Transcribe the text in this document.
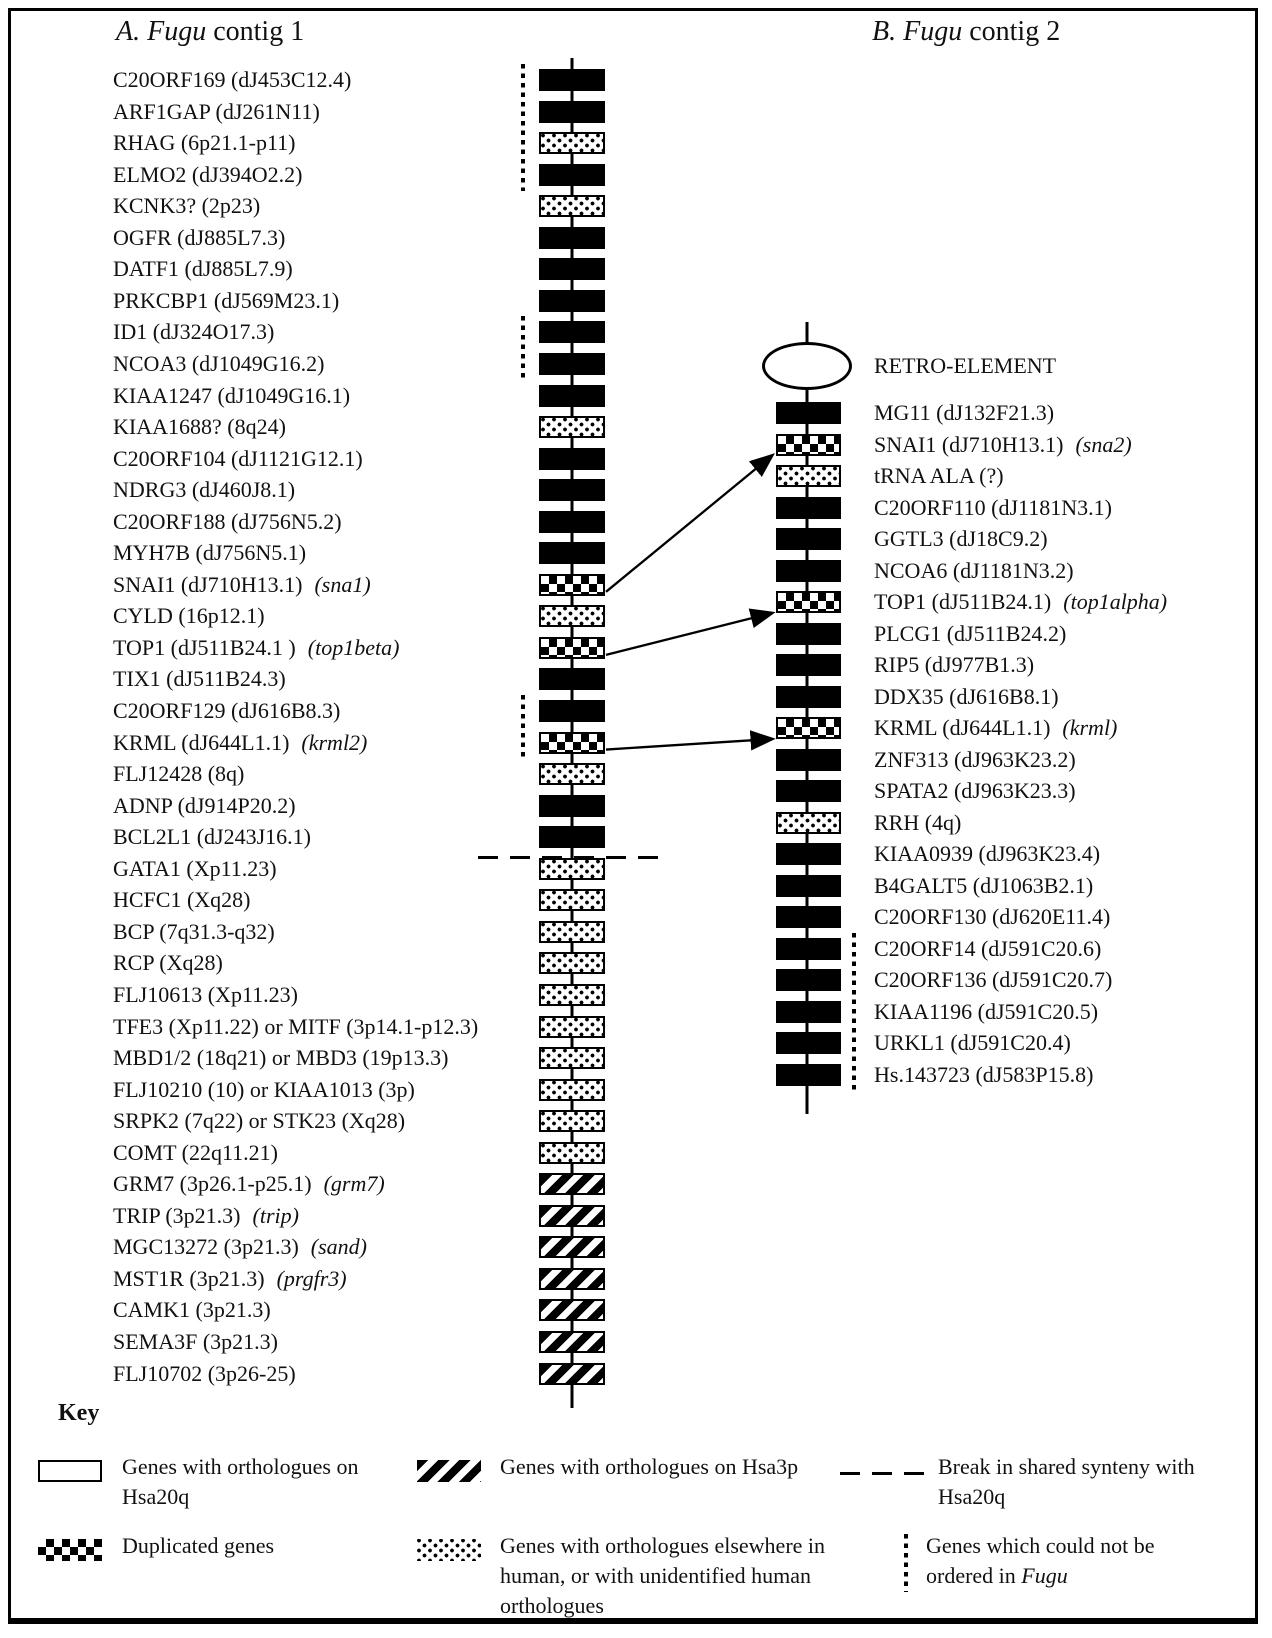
A. Fugu contig 1	B. Fugu contig 2
Key
Genes with orthologues on Hsa20q
Genes with orthologues on Hsa3p	Break in shared synteny with Hsa20q
Duplicated genes	Genes with orthologues elsewhere in human, or with unidentified human orthologues
Genes which could not be ordered in Fugu
C20ORF169 (dJ453C12.4)
ARF1GAP (dJ261N11)
RHAG (6p21.1-p11)
ELMO2 (dJ394O2.2)
KCNK3? (2p23)
OGFR (dJ885L7.3)
DATF1 (dJ885L7.9)
PRKCBP1 (dJ569M23.1)
ID1 (dJ324O17.3)
NCOA3 (dJ1049G16.2)
KIAA1247 (dJ1049G16.1)
KIAA1688? (8q24)
C20ORF104 (dJ1121G12.1)
NDRG3 (dJ460J8.1)
C20ORF188 (dJ756N5.2)
MYH7B (dJ756N5.1)
SNAI1 (dJ710H13.1) (sna1)
CYLD (16p12.1)
TOP1 (dJ511B24.1 ) (top1beta)
TIX1 (dJ511B24.3)
C20ORF129 (dJ616B8.3)
KRML (dJ644L1.1) (krml2)
FLJ12428 (8q)
ADNP (dJ914P20.2)
BCL2L1 (dJ243J16.1)
GATA1 (Xp11.23)
HCFC1 (Xq28)
BCP (7q31.3-q32)
RCP (Xq28)
FLJ10613 (Xp11.23)
TFE3 (Xp11.22) or MITF (3p14.1-p12.3)
MBD1/2 (18q21) or MBD3 (19p13.3)
FLJ10210 (10) or KIAA1013 (3p)
SRPK2 (7q22) or STK23 (Xq28)
COMT (22q11.21)
GRM7 (3p26.1-p25.1) (grm7)
TRIP (3p21.3) (trip)
MGC13272 (3p21.3) (sand)
MST1R (3p21.3) (prgfr3)
CAMK1 (3p21.3)
SEMA3F (3p21.3)
FLJ10702 (3p26-25)
MG11 (dJ132F21.3)
SNAI1 (dJ710H13.1) (sna2)
tRNA ALA (?)
C20ORF110 (dJ1181N3.1)
GGTL3 (dJ18C9.2)
NCOA6 (dJ1181N3.2)
TOP1 (dJ511B24.1) (top1alpha)
PLCG1 (dJ511B24.2)
RIP5 (dJ977B1.3)
DDX35 (dJ616B8.1)
KRML (dJ644L1.1) (krml)
ZNF313 (dJ963K23.2)
SPATA2 (dJ963K23.3)
RRH (4q)
KIAA0939 (dJ963K23.4)
B4GALT5 (dJ1063B2.1)
C20ORF130 (dJ620E11.4)
C20ORF14 (dJ591C20.6)
C20ORF136 (dJ591C20.7)
KIAA1196 (dJ591C20.5)
URKL1 (dJ591C20.4)
Hs.143723 (dJ583P15.8)
RETRO-ELEMENT
